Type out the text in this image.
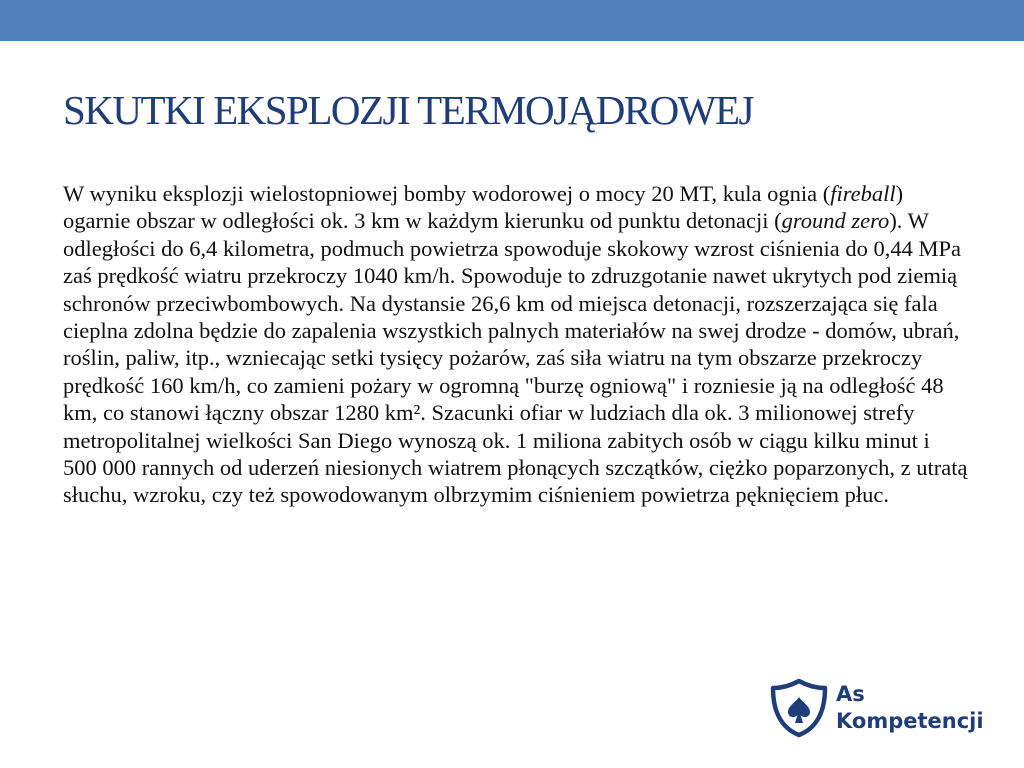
SKUTKI EKSPLOZJI TERMOJĄDROWEJ

W wyniku eksplozji wielostopniowej bomby wodorowej o mocy 20 MT, kula ognia (fireball) ogarnie obszar w odległości ok. 3 km w każdym kierunku od punktu detonacji (ground zero). W odległości do 6,4 kilometra, podmuch powietrza spowoduje skokowy wzrost ciśnienia do 0,44 MPa zaś prędkość wiatru przekroczy 1040 km/h. Spowoduje to zdruzgotanie nawet ukrytych pod ziemią schronów przeciwbombowych. Na dystansie 26,6 km od miejsca detonacji, rozszerzająca się fala cieplna zdolna będzie do zapalenia wszystkich palnych materiałów na swej drodze - domów, ubrań, roślin, paliw, itp., wzniecając setki tysięcy pożarów, zaś siła wiatru na tym obszarze przekroczy prędkość 160 km/h, co zamieni pożary w ogromną "burzę ogniową" i rozniesie ją na odległość 48 km, co stanowi łączny obszar 1280 km². Szacunki ofiar w ludziach dla ok. 3 milionowej strefy metropolitalnej wielkości San Diego wynoszą ok. 1 miliona zabitych osób w ciągu kilku minut i 500 000 rannych od uderzeń niesionych wiatrem płonących szczątków, ciężko poparzonych, z utratą słuchu, wzroku, czy też spowodowanym olbrzymim ciśnieniem powietrza pęknięciem płuc.

As
Kompetencji
